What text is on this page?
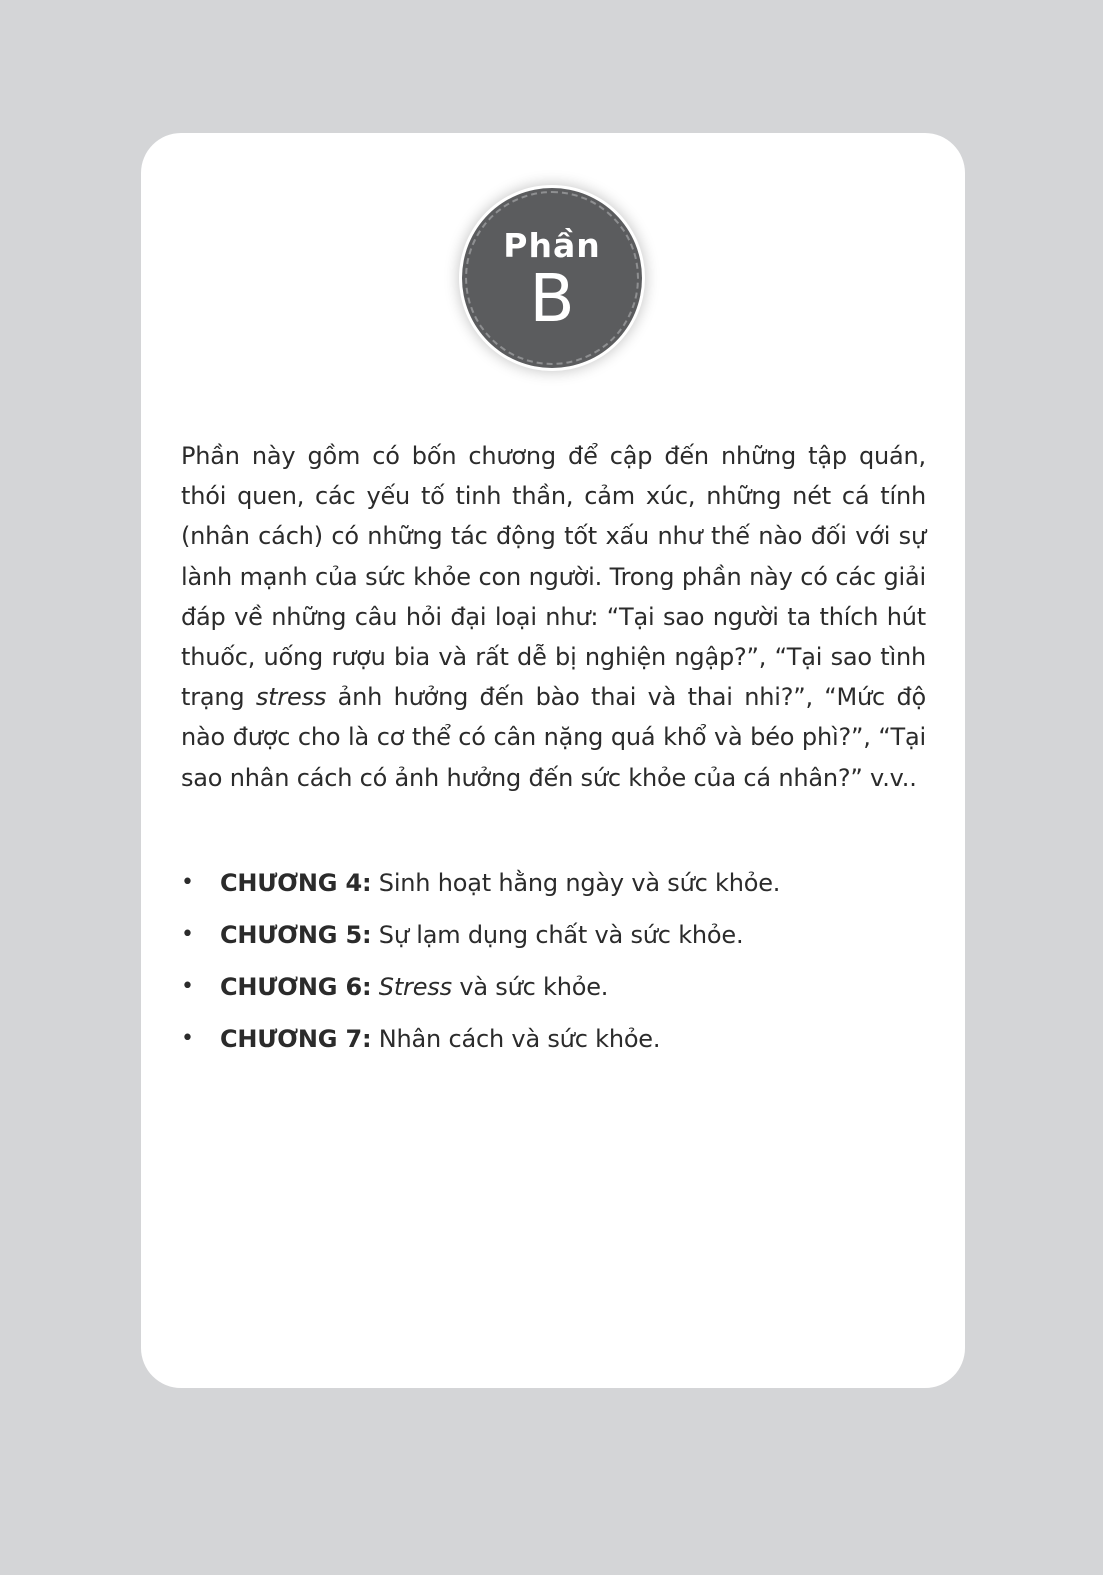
Phần
B

Phần này gồm có bốn chương để cập đến những tập quán, thói quen, các yếu tố tinh thần, cảm xúc, những nét cá tính (nhân cách) có những tác động tốt xấu như thế nào đối với sự lành mạnh của sức khỏe con người. Trong phần này có các giải đáp về những câu hỏi đại loại như: “Tại sao người ta thích hút thuốc, uống rượu bia và rất dễ bị nghiện ngập?”, “Tại sao tình trạng stress ảnh hưởng đến bào thai và thai nhi?”, “Mức độ nào được cho là cơ thể có cân nặng quá khổ và béo phì?”, “Tại sao nhân cách có ảnh hưởng đến sức khỏe của cá nhân?” v.v..

• CHƯƠNG 4: Sinh hoạt hằng ngày và sức khỏe.
• CHƯƠNG 5: Sự lạm dụng chất và sức khỏe.
• CHƯƠNG 6: Stress và sức khỏe.
• CHƯƠNG 7: Nhân cách và sức khỏe.
